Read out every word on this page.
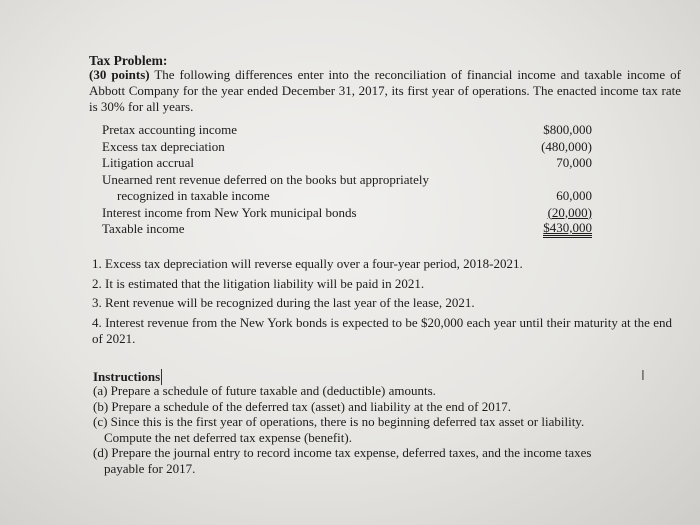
Tax Problem:
(30 points) The following differences enter into the reconciliation of financial income and taxable income of Abbott Company for the year ended December 31, 2017, its first year of operations. The enacted income tax rate is 30% for all years.
Pretax accounting income	$800,000
Excess tax depreciation	(480,000)
Litigation accrual	70,000
Unearned rent revenue deferred on the books but appropriately
recognized in taxable income	60,000
Interest income from New York municipal bonds	(20,000)
Taxable income	$430,000
1. Excess tax depreciation will reverse equally over a four-year period, 2018-2021.
2. It is estimated that the litigation liability will be paid in 2021.
3. Rent revenue will be recognized during the last year of the lease, 2021.
4. Interest revenue from the New York bonds is expected to be $20,000 each year until their maturity at the end of 2021.
Instructions	I
(a) Prepare a schedule of future taxable and (deductible) amounts.
(b) Prepare a schedule of the deferred tax (asset) and liability at the end of 2017.
(c) Since this is the first year of operations, there is no beginning deferred tax asset or liability.
Compute the net deferred tax expense (benefit).
(d) Prepare the journal entry to record income tax expense, deferred taxes, and the income taxes
payable for 2017.
